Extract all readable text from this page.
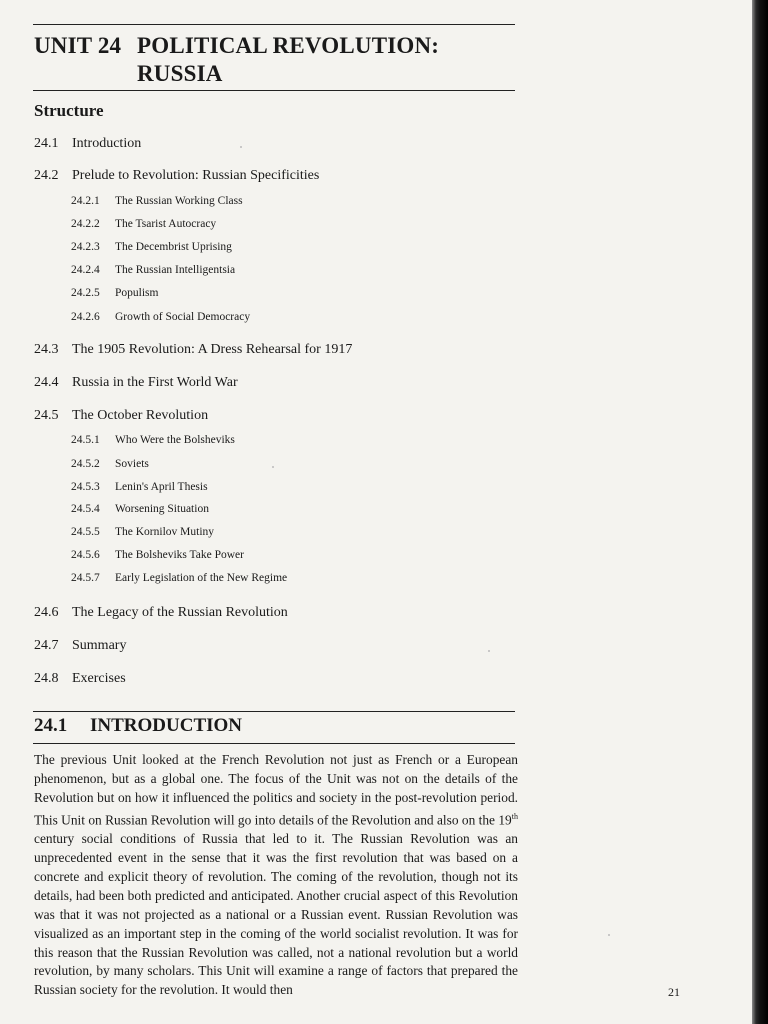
UNIT 24 POLITICAL REVOLUTION:
RUSSIA
Structure
24.1 Introduction
24.2 Prelude to Revolution: Russian Specificities
24.2.1 The Russian Working Class
24.2.2 The Tsarist Autocracy
24.2.3 The Decembrist Uprising
24.2.4 The Russian Intelligentsia
24.2.5 Populism
24.2.6 Growth of Social Democracy
24.3 The 1905 Revolution: A Dress Rehearsal for 1917
24.4 Russia in the First World War
24.5 The October Revolution
24.5.1 Who Were the Bolsheviks
24.5.2 Soviets
24.5.3 Lenin's April Thesis
24.5.4 Worsening Situation
24.5.5 The Kornilov Mutiny
24.5.6 The Bolsheviks Take Power
24.5.7 Early Legislation of the New Regime
24.6 The Legacy of the Russian Revolution
24.7 Summary
24.8 Exercises
24.1 INTRODUCTION

The previous Unit looked at the French Revolution not just as French or a European phenomenon, but as a global one. The focus of the Unit was not on the details of the Revolution but on how it influenced the politics and society in the post-revolution period. This Unit on Russian Revolution will go into details of the Revolution and also on the 19th century social conditions of Russia that led to it. The Russian Revolution was an unprecedented event in the sense that it was the first revolution that was based on a concrete and explicit theory of revolution. The coming of the revolution, though not its details, had been both predicted and anticipated. Another crucial aspect of this Revolution was that it was not projected as a national or a Russian event. Russian Revolution was visualized as an important step in the coming of the world socialist revolution. It was for this reason that the Russian Revolution was called, not a national revolution but a world revolution, by many scholars. This Unit will examine a range of factors that prepared the Russian society for the revolution. It would then	21
